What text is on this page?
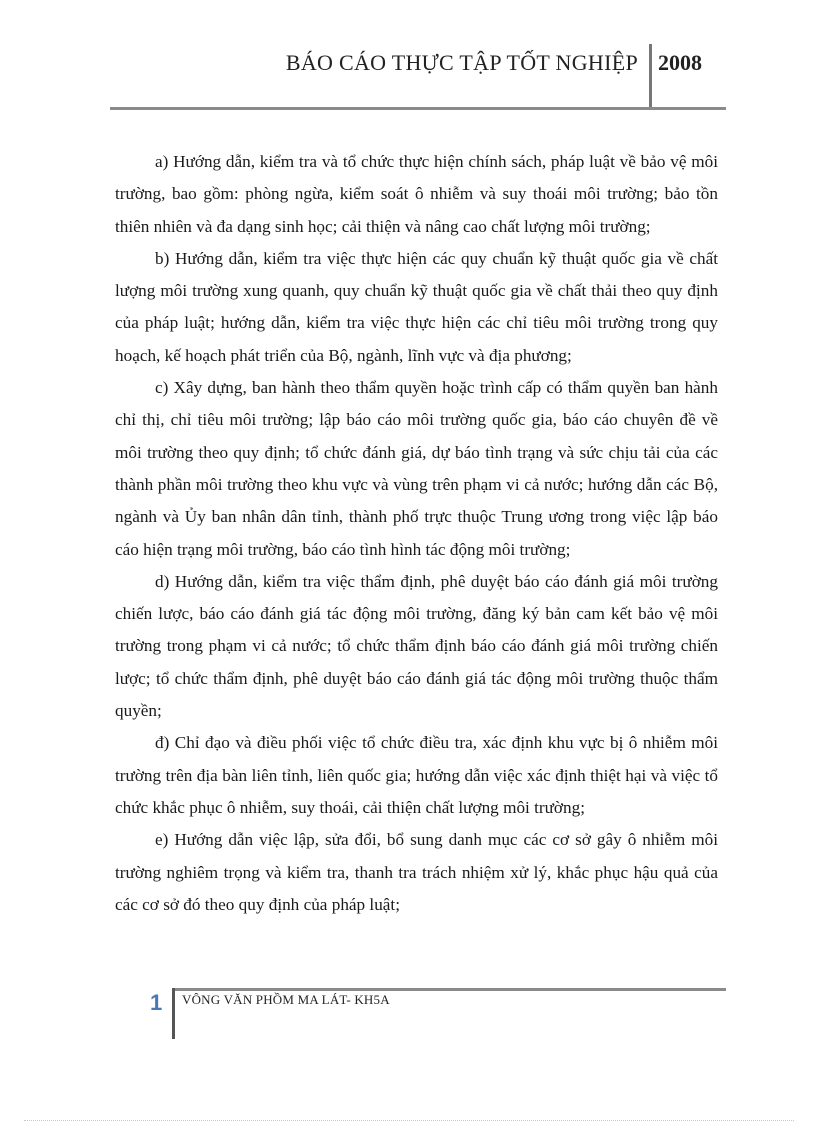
BÁO CÁO THỰC TẬP TỐT NGHIỆP 2008

a) Hướng dẫn, kiểm tra và tổ chức thực hiện chính sách, pháp luật về bảo vệ môi trường, bao gồm: phòng ngừa, kiểm soát ô nhiễm và suy thoái môi trường; bảo tồn thiên nhiên và đa dạng sinh học; cải thiện và nâng cao chất lượng môi trường;

b) Hướng dẫn, kiểm tra việc thực hiện các quy chuẩn kỹ thuật quốc gia về chất lượng môi trường xung quanh, quy chuẩn kỹ thuật quốc gia về chất thải theo quy định của pháp luật; hướng dẫn, kiểm tra việc thực hiện các chỉ tiêu môi trường trong quy hoạch, kế hoạch phát triển của Bộ, ngành, lĩnh vực và địa phương;

c) Xây dựng, ban hành theo thẩm quyền hoặc trình cấp có thẩm quyền ban hành chỉ thị, chỉ tiêu môi trường; lập báo cáo môi trường quốc gia, báo cáo chuyên đề về môi trường theo quy định; tổ chức đánh giá, dự báo tình trạng và sức chịu tải của các thành phần môi trường theo khu vực và vùng trên phạm vi cả nước; hướng dẫn các Bộ, ngành và Ủy ban nhân dân tỉnh, thành phố trực thuộc Trung ương trong việc lập báo cáo hiện trạng môi trường, báo cáo tình hình tác động môi trường;

d) Hướng dẫn, kiểm tra việc thẩm định, phê duyệt báo cáo đánh giá môi trường chiến lược, báo cáo đánh giá tác động môi trường, đăng ký bản cam kết bảo vệ môi trường trong phạm vi cả nước; tổ chức thẩm định báo cáo đánh giá môi trường chiến lược; tổ chức thẩm định, phê duyệt báo cáo đánh giá tác động môi trường thuộc thẩm quyền;

đ) Chỉ đạo và điều phối việc tổ chức điều tra, xác định khu vực bị ô nhiễm môi trường trên địa bàn liên tỉnh, liên quốc gia; hướng dẫn việc xác định thiệt hại và việc tổ chức khắc phục ô nhiễm, suy thoái, cải thiện chất lượng môi trường;

e) Hướng dẫn việc lập, sửa đổi, bổ sung danh mục các cơ sở gây ô nhiễm môi trường nghiêm trọng và kiểm tra, thanh tra trách nhiệm xử lý, khắc phục hậu quả của các cơ sở đó theo quy định của pháp luật;

1 VÔNG VĂN PHỒM MA LÁT- KH5A
